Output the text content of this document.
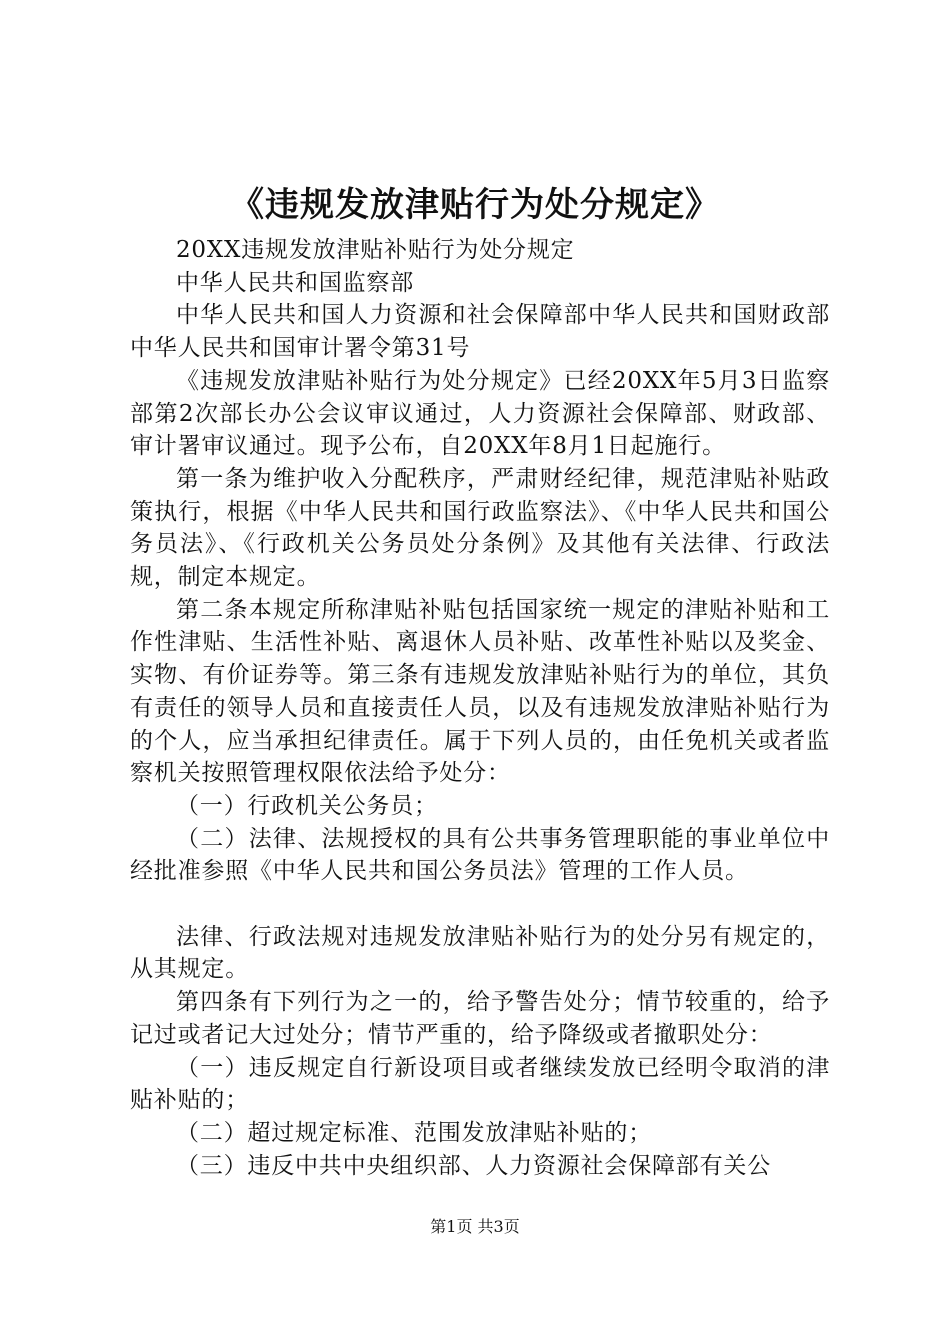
《违规发放津贴行为处分规定》

20XX违规发放津贴补贴行为处分规定

中华人民共和国监察部

中华人民共和国人力资源和社会保障部中华人民共和国财政部中华人民共和国审计署令第31号

《违规发放津贴补贴行为处分规定》已经20XX年5月3日监察部第2次部长办公会议审议通过，人力资源社会保障部、财政部、审计署审议通过。现予公布，自20XX年8月1日起施行。

第一条为维护收入分配秩序，严肃财经纪律，规范津贴补贴政策执行，根据《中华人民共和国行政监察法》、《中华人民共和国公务员法》、《行政机关公务员处分条例》及其他有关法律、行政法规，制定本规定。

第二条本规定所称津贴补贴包括国家统一规定的津贴补贴和工作性津贴、生活性补贴、离退休人员补贴、改革性补贴以及奖金、实物、有价证券等。第三条有违规发放津贴补贴行为的单位，其负有责任的领导人员和直接责任人员，以及有违规发放津贴补贴行为的个人，应当承担纪律责任。属于下列人员的，由任免机关或者监察机关按照管理权限依法给予处分：

（一）行政机关公务员；

（二）法律、法规授权的具有公共事务管理职能的事业单位中经批准参照《中华人民共和国公务员法》管理的工作人员。

法律、行政法规对违规发放津贴补贴行为的处分另有规定的，从其规定。

第四条有下列行为之一的，给予警告处分；情节较重的，给予记过或者记大过处分；情节严重的，给予降级或者撤职处分：

（一）违反规定自行新设项目或者继续发放已经明令取消的津贴补贴的；

（二）超过规定标准、范围发放津贴补贴的；

（三）违反中共中央组织部、人力资源社会保障部有关公

第1页 共3页
